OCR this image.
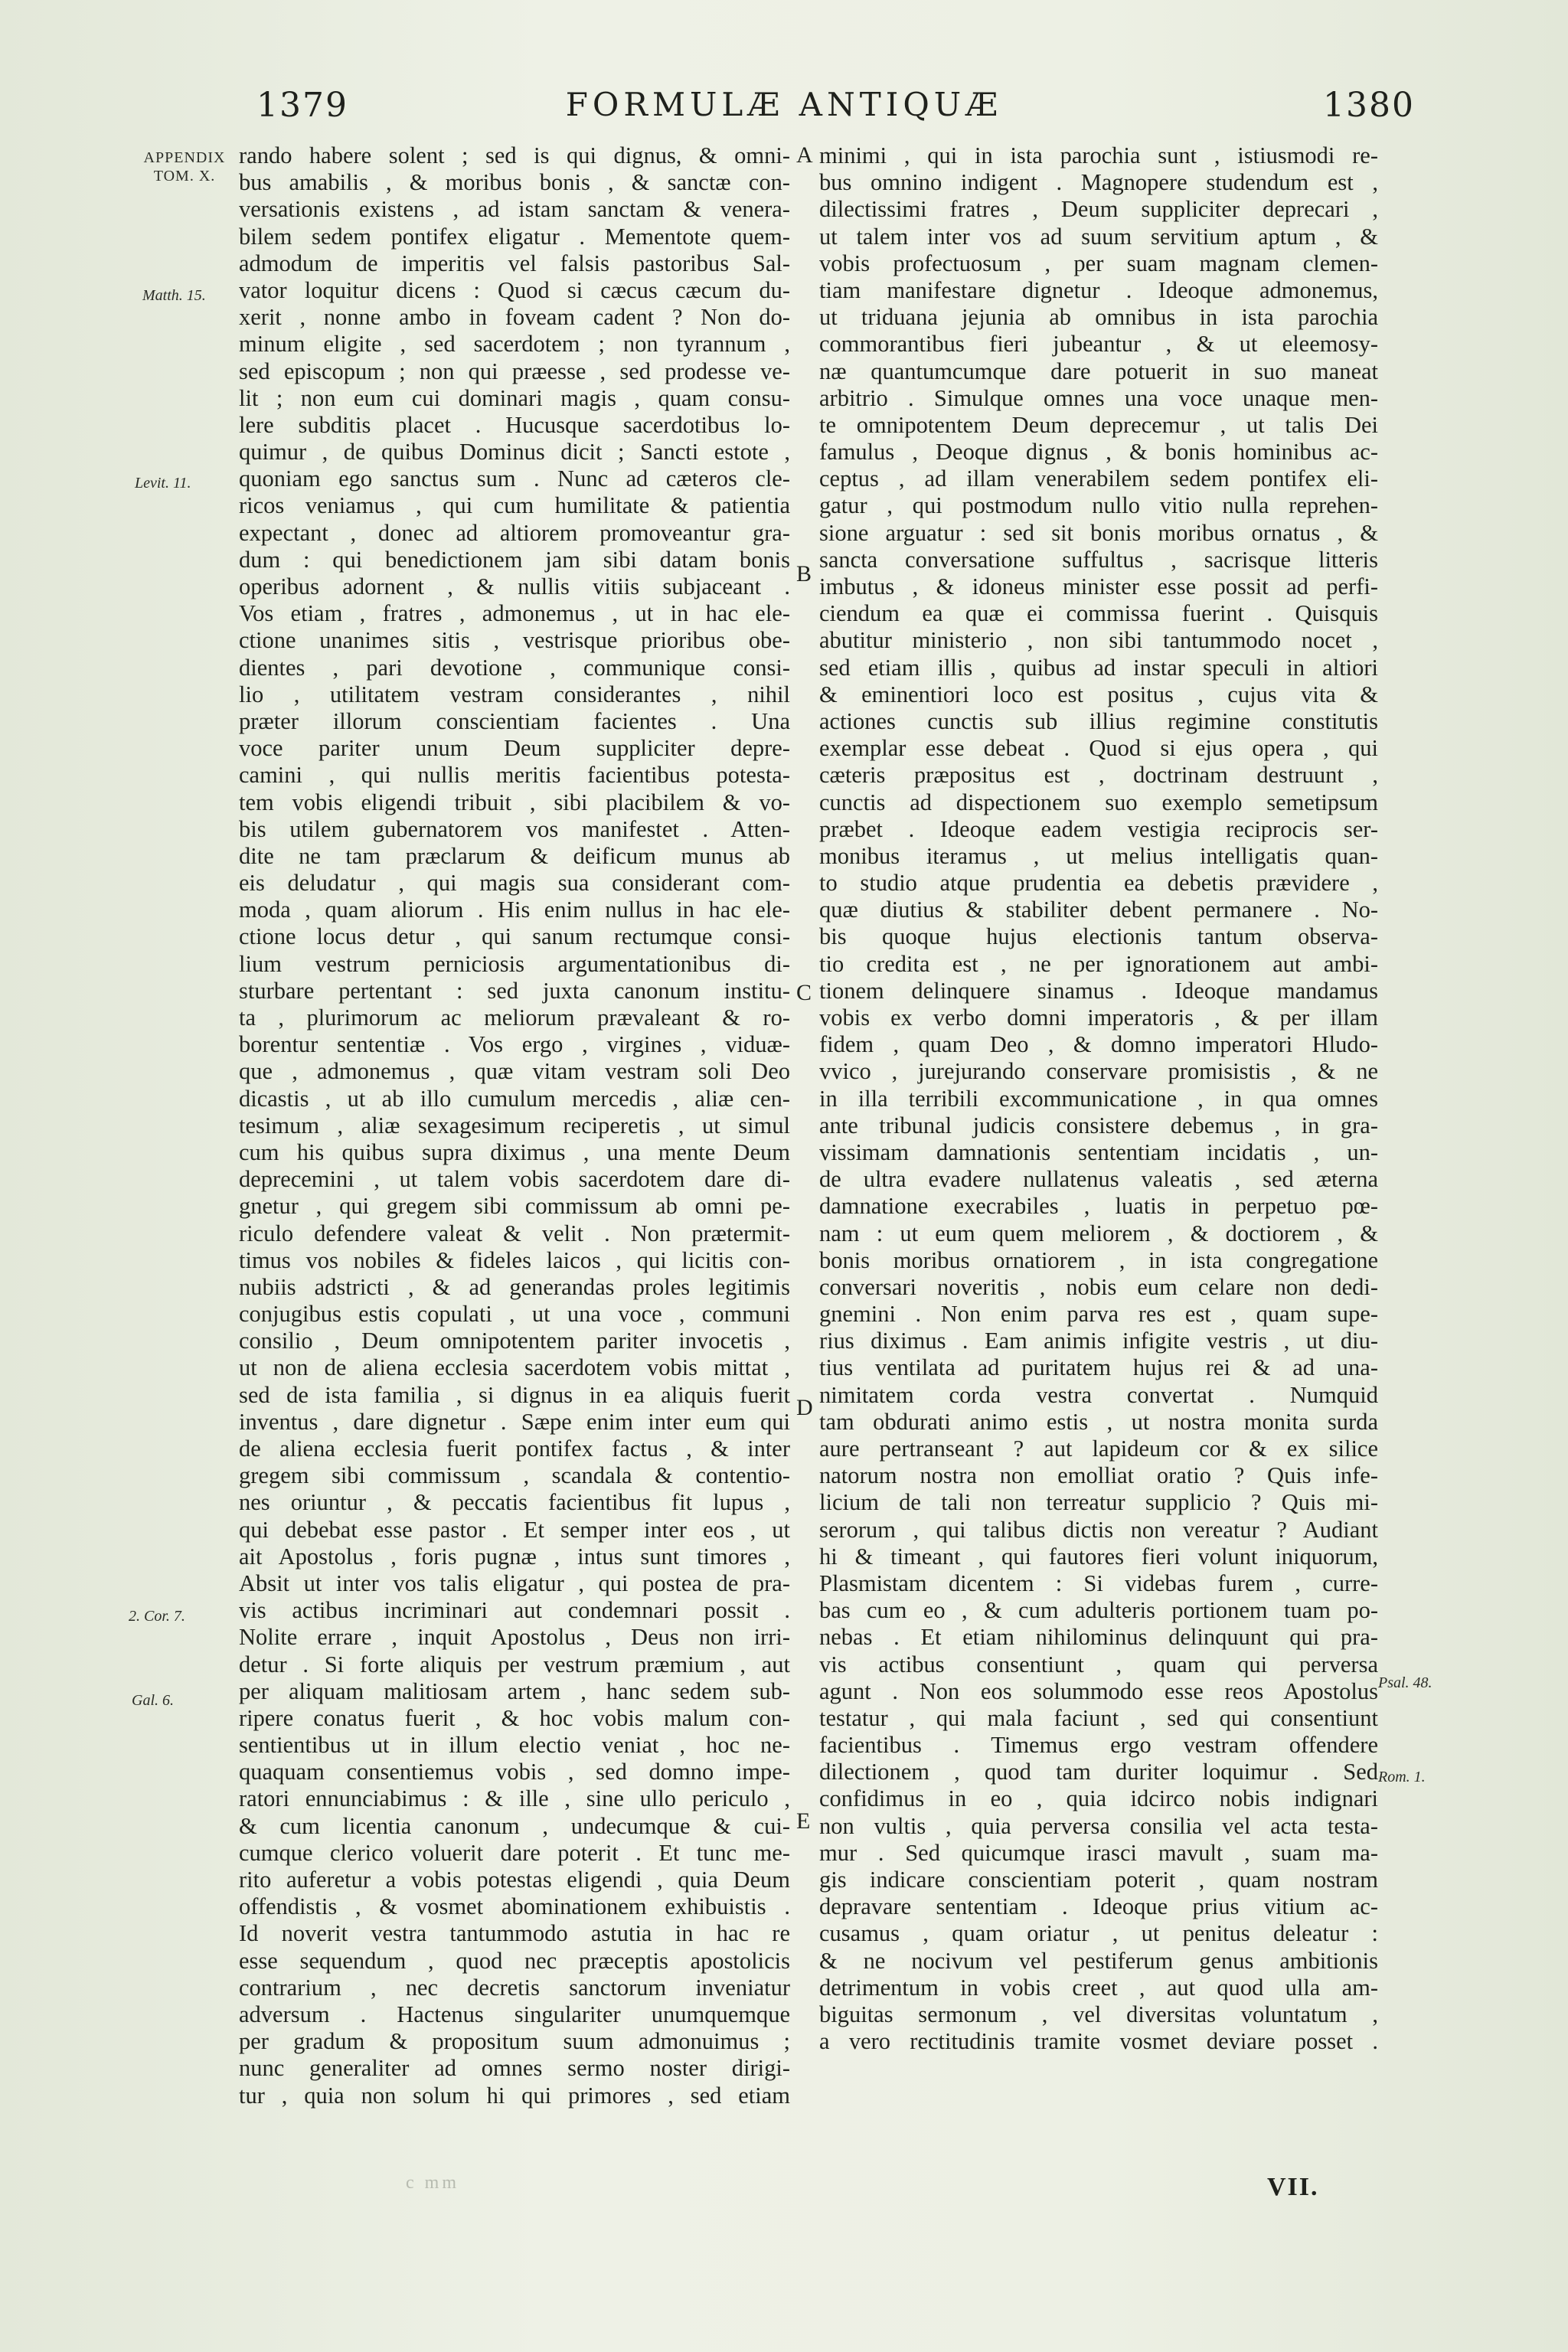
1379	FORMULÆ ANTIQUÆ	1380
APPENDIX TOM. X.
Matth. 15.
Levit. 11.
2. Cor. 7.
Gal. 6.
Psal. 48.
Rom. 1.
A
B
C
D
E
rando habere solent ; sed is qui dignus, & omni-
bus amabilis , & moribus bonis , & sanctæ con-
versationis existens , ad istam sanctam & venera-
bilem sedem pontifex eligatur . Mementote quem-
admodum de imperitis vel falsis pastoribus Sal-
vator loquitur dicens : Quod si cæcus cæcum du-
xerit , nonne ambo in foveam cadent ? Non do-
minum eligite , sed sacerdotem ; non tyrannum ,
sed episcopum ; non qui præesse , sed prodesse ve-
lit ; non eum cui dominari magis , quam consu-
lere subditis placet . Hucusque sacerdotibus lo-
quimur , de quibus Dominus dicit ; Sancti estote ,
quoniam ego sanctus sum . Nunc ad cæteros cle-
ricos veniamus , qui cum humilitate & patientia
expectant , donec ad altiorem promoveantur gra-
dum : qui benedictionem jam sibi datam bonis
operibus adornent , & nullis vitiis subjaceant .
Vos etiam , fratres , admonemus , ut in hac ele-
ctione unanimes sitis , vestrisque prioribus obe-
dientes , pari devotione , communique consi-
lio , utilitatem vestram considerantes , nihil
præter illorum conscientiam facientes . Una
voce pariter unum Deum suppliciter depre-
camini , qui nullis meritis facientibus potesta-
tem vobis eligendi tribuit , sibi placibilem & vo-
bis utilem gubernatorem vos manifestet . Atten-
dite ne tam præclarum & deificum munus ab
eis deludatur , qui magis sua considerant com-
moda , quam aliorum . His enim nullus in hac ele-
ctione locus detur , qui sanum rectumque consi-
lium vestrum perniciosis argumentationibus di-
sturbare pertentant : sed juxta canonum institu-
ta , plurimorum ac meliorum prævaleant & ro-
borentur sententiæ . Vos ergo , virgines , viduæ-
que , admonemus , quæ vitam vestram soli Deo
dicastis , ut ab illo cumulum mercedis , aliæ cen-
tesimum , aliæ sexagesimum reciperetis , ut simul
cum his quibus supra diximus , una mente Deum
deprecemini , ut talem vobis sacerdotem dare di-
gnetur , qui gregem sibi commissum ab omni pe-
riculo defendere valeat & velit . Non prætermit-
timus vos nobiles & fideles laicos , qui licitis con-
nubiis adstricti , & ad generandas proles legitimis
conjugibus estis copulati , ut una voce , communi
consilio , Deum omnipotentem pariter invocetis ,
ut non de aliena ecclesia sacerdotem vobis mittat ,
sed de ista familia , si dignus in ea aliquis fuerit
inventus , dare dignetur . Sæpe enim inter eum qui
de aliena ecclesia fuerit pontifex factus , & inter
gregem sibi commissum , scandala & contentio-
nes oriuntur , & peccatis facientibus fit lupus ,
qui debebat esse pastor . Et semper inter eos , ut
ait Apostolus , foris pugnæ , intus sunt timores ,
Absit ut inter vos talis eligatur , qui postea de pra-
vis actibus incriminari aut condemnari possit .
Nolite errare , inquit Apostolus , Deus non irri-
detur . Si forte aliquis per vestrum præmium , aut
per aliquam malitiosam artem , hanc sedem sub-
ripere conatus fuerit , & hoc vobis malum con-
sentientibus ut in illum electio veniat , hoc ne-
quaquam consentiemus vobis , sed domno impe-
ratori ennunciabimus : & ille , sine ullo periculo ,
& cum licentia canonum , undecumque & cui-
cumque clerico voluerit dare poterit . Et tunc me-
rito auferetur a vobis potestas eligendi , quia Deum
offendistis , & vosmet abominationem exhibuistis .
Id noverit vestra tantummodo astutia in hac re
esse sequendum , quod nec præceptis apostolicis
contrarium , nec decretis sanctorum inveniatur
adversum . Hactenus singulariter unumquemque
per gradum & propositum suum admonuimus ;
nunc generaliter ad omnes sermo noster dirigi-
tur , quia non solum hi qui primores , sed etiam
minimi , qui in ista parochia sunt , istiusmodi re-
bus omnino indigent . Magnopere studendum est ,
dilectissimi fratres , Deum suppliciter deprecari ,
ut talem inter vos ad suum servitium aptum , &
vobis profectuosum , per suam magnam clemen-
tiam manifestare dignetur . Ideoque admonemus,
ut triduana jejunia ab omnibus in ista parochia
commorantibus fieri jubeantur , & ut eleemosy-
næ quantumcumque dare potuerit in suo maneat
arbitrio . Simulque omnes una voce unaque men-
te omnipotentem Deum deprecemur , ut talis Dei
famulus , Deoque dignus , & bonis hominibus ac-
ceptus , ad illam venerabilem sedem pontifex eli-
gatur , qui postmodum nullo vitio nulla reprehen-
sione arguatur : sed sit bonis moribus ornatus , &
sancta conversatione suffultus , sacrisque litteris
imbutus , & idoneus minister esse possit ad perfi-
ciendum ea quæ ei commissa fuerint . Quisquis
abutitur ministerio , non sibi tantummodo nocet ,
sed etiam illis , quibus ad instar speculi in altiori
& eminentiori loco est positus , cujus vita &
actiones cunctis sub illius regimine constitutis
exemplar esse debeat . Quod si ejus opera , qui
cæteris præpositus est , doctrinam destruunt ,
cunctis ad dispectionem suo exemplo semetipsum
præbet . Ideoque eadem vestigia reciprocis ser-
monibus iteramus , ut melius intelligatis quan-
to studio atque prudentia ea debetis prævidere ,
quæ diutius & stabiliter debent permanere . No-
bis quoque hujus electionis tantum observa-
tio credita est , ne per ignorationem aut ambi-
tionem delinquere sinamus . Ideoque mandamus
vobis ex verbo domni imperatoris , & per illam
fidem , quam Deo , & domno imperatori Hludo-
vvico , jurejurando conservare promisistis , & ne
in illa terribili excommunicatione , in qua omnes
ante tribunal judicis consistere debemus , in gra-
vissimam damnationis sententiam incidatis , un-
de ultra evadere nullatenus valeatis , sed æterna
damnatione execrabiles , luatis in perpetuo pœ-
nam : ut eum quem meliorem , & doctiorem , &
bonis moribus ornatiorem , in ista congregatione
conversari noveritis , nobis eum celare non dedi-
gnemini . Non enim parva res est , quam supe-
rius diximus . Eam animis infigite vestris , ut diu-
tius ventilata ad puritatem hujus rei & ad una-
nimitatem corda vestra convertat . Numquid
tam obdurati animo estis , ut nostra monita surda
aure pertranseant ? aut lapideum cor & ex silice
natorum nostra non emolliat oratio ? Quis infe-
licium de tali non terreatur supplicio ? Quis mi-
serorum , qui talibus dictis non vereatur ? Audiant
hi & timeant , qui fautores fieri volunt iniquorum,
Plasmistam dicentem : Si videbas furem , curre-
bas cum eo , & cum adulteris portionem tuam po-
nebas . Et etiam nihilominus delinquunt qui pra-
vis actibus consentiunt , quam qui perversa
agunt . Non eos solummodo esse reos Apostolus
testatur , qui mala faciunt , sed qui consentiunt
facientibus . Timemus ergo vestram offendere
dilectionem , quod tam duriter loquimur . Sed
confidimus in eo , quia idcirco nobis indignari
non vultis , quia perversa consilia vel acta testa-
mur . Sed quicumque irasci mavult , suam ma-
gis indicare conscientiam poterit , quam nostram
depravare sententiam . Ideoque prius vitium ac-
cusamus , quam oriatur , ut penitus deleatur :
& ne nocivum vel pestiferum genus ambitionis
detrimentum in vobis creet , aut quod ulla am-
biguitas sermonum , vel diversitas voluntatum ,
a vero rectitudinis tramite vosmet deviare posset .
c mm	VII.
